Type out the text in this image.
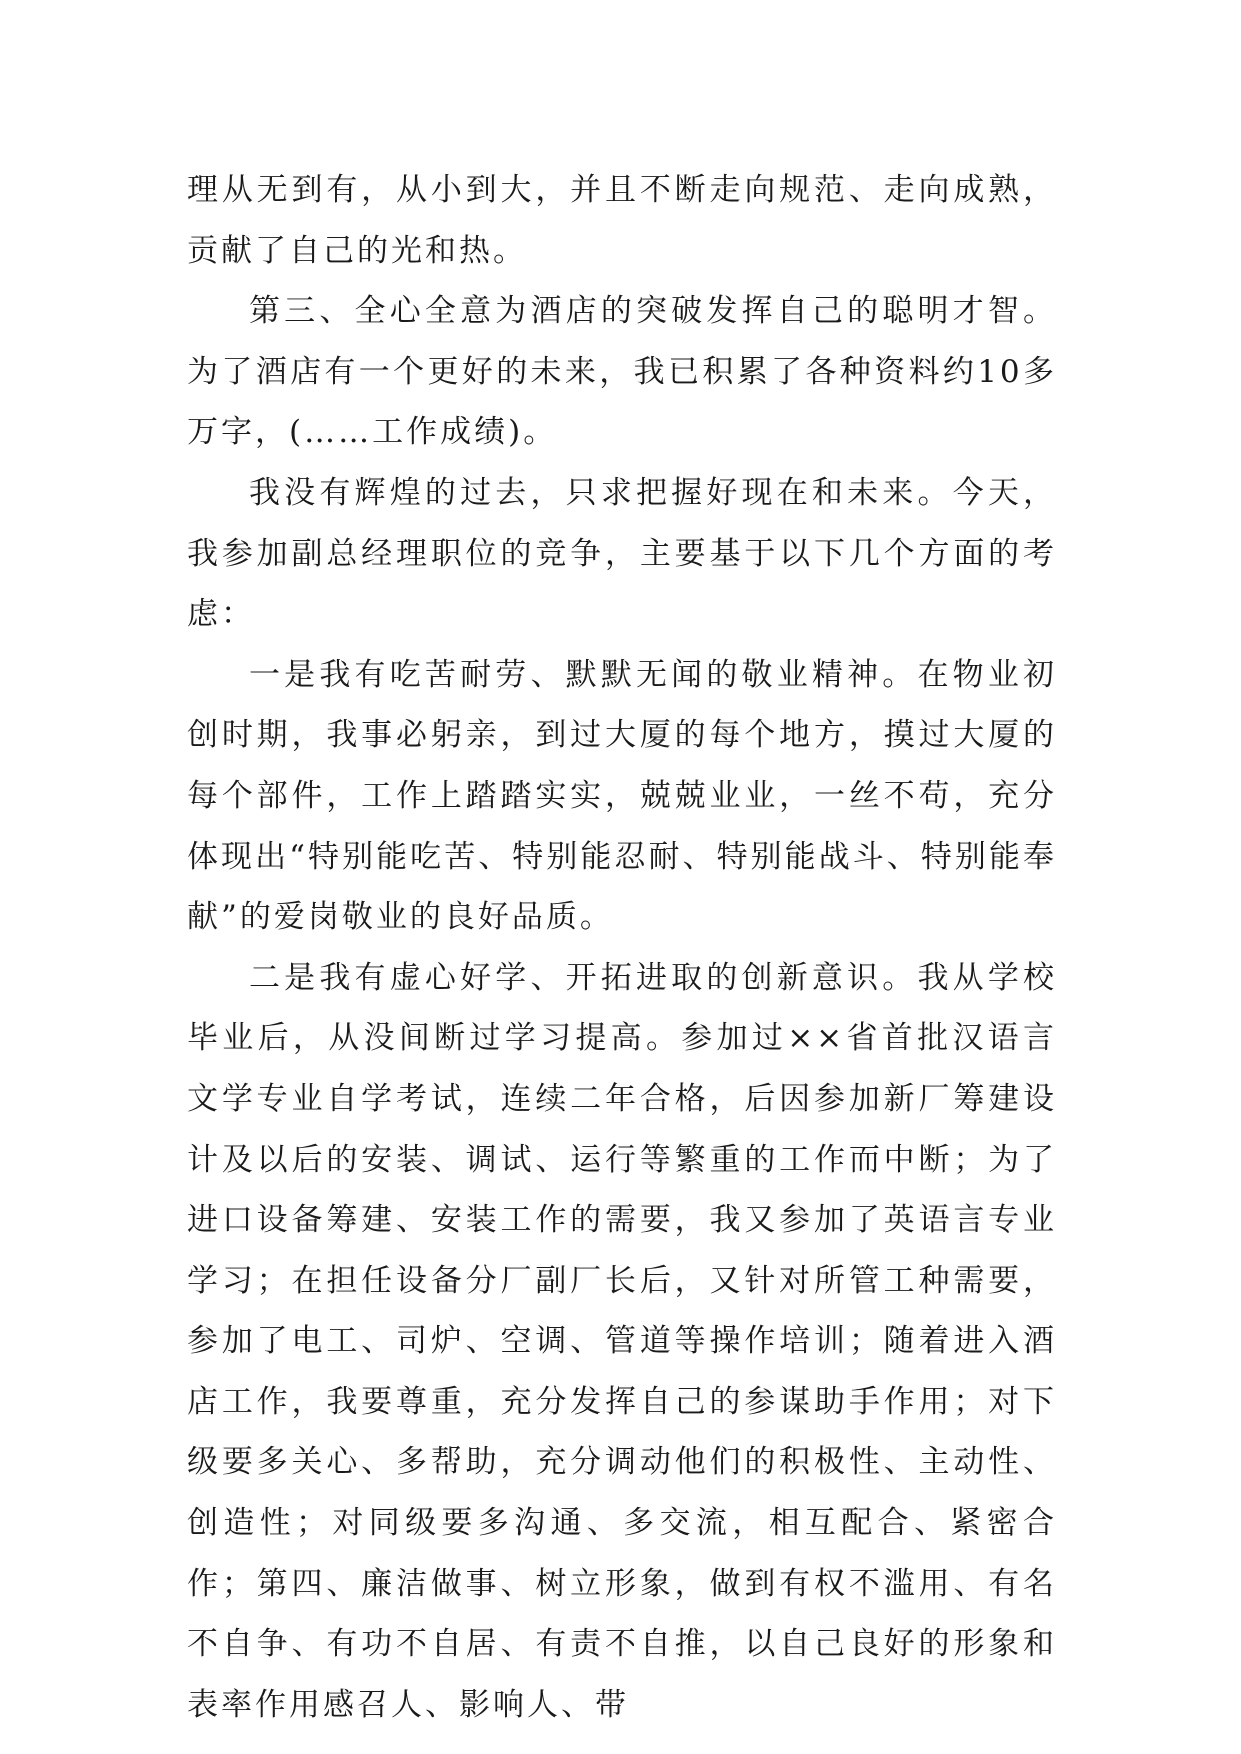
理从无到有，从小到大，并且不断走向规范、走向成熟，贡献了自己的光和热。

第三、全心全意为酒店的突破发挥自己的聪明才智。为了酒店有一个更好的未来，我已积累了各种资料约10多万字，(……工作成绩)。

我没有辉煌的过去，只求把握好现在和未来。今天，我参加副总经理职位的竞争，主要基于以下几个方面的考虑：

一是我有吃苦耐劳、默默无闻的敬业精神。在物业初创时期，我事必躬亲，到过大厦的每个地方，摸过大厦的每个部件，工作上踏踏实实，兢兢业业，一丝不苟，充分体现出“特别能吃苦、特别能忍耐、特别能战斗、特别能奉献”的爱岗敬业的良好品质。

二是我有虚心好学、开拓进取的创新意识。我从学校毕业后，从没间断过学习提高。参加过××省首批汉语言文学专业自学考试，连续二年合格，后因参加新厂筹建设计及以后的安装、调试、运行等繁重的工作而中断；为了进口设备筹建、安装工作的需要，我又参加了英语言专业学习；在担任设备分厂副厂长后，又针对所管工种需要，参加了电工、司炉、空调、管道等操作培训；随着进入酒店工作，我要尊重，充分发挥自己的参谋助手作用；对下级要多关心、多帮助，充分调动他们的积极性、主动性、创造性；对同级要多沟通、多交流，相互配合、紧密合作；第四、廉洁做事、树立形象，做到有权不滥用、有名不自争、有功不自居、有责不自推，以自己良好的形象和表率作用感召人、影响人、带
